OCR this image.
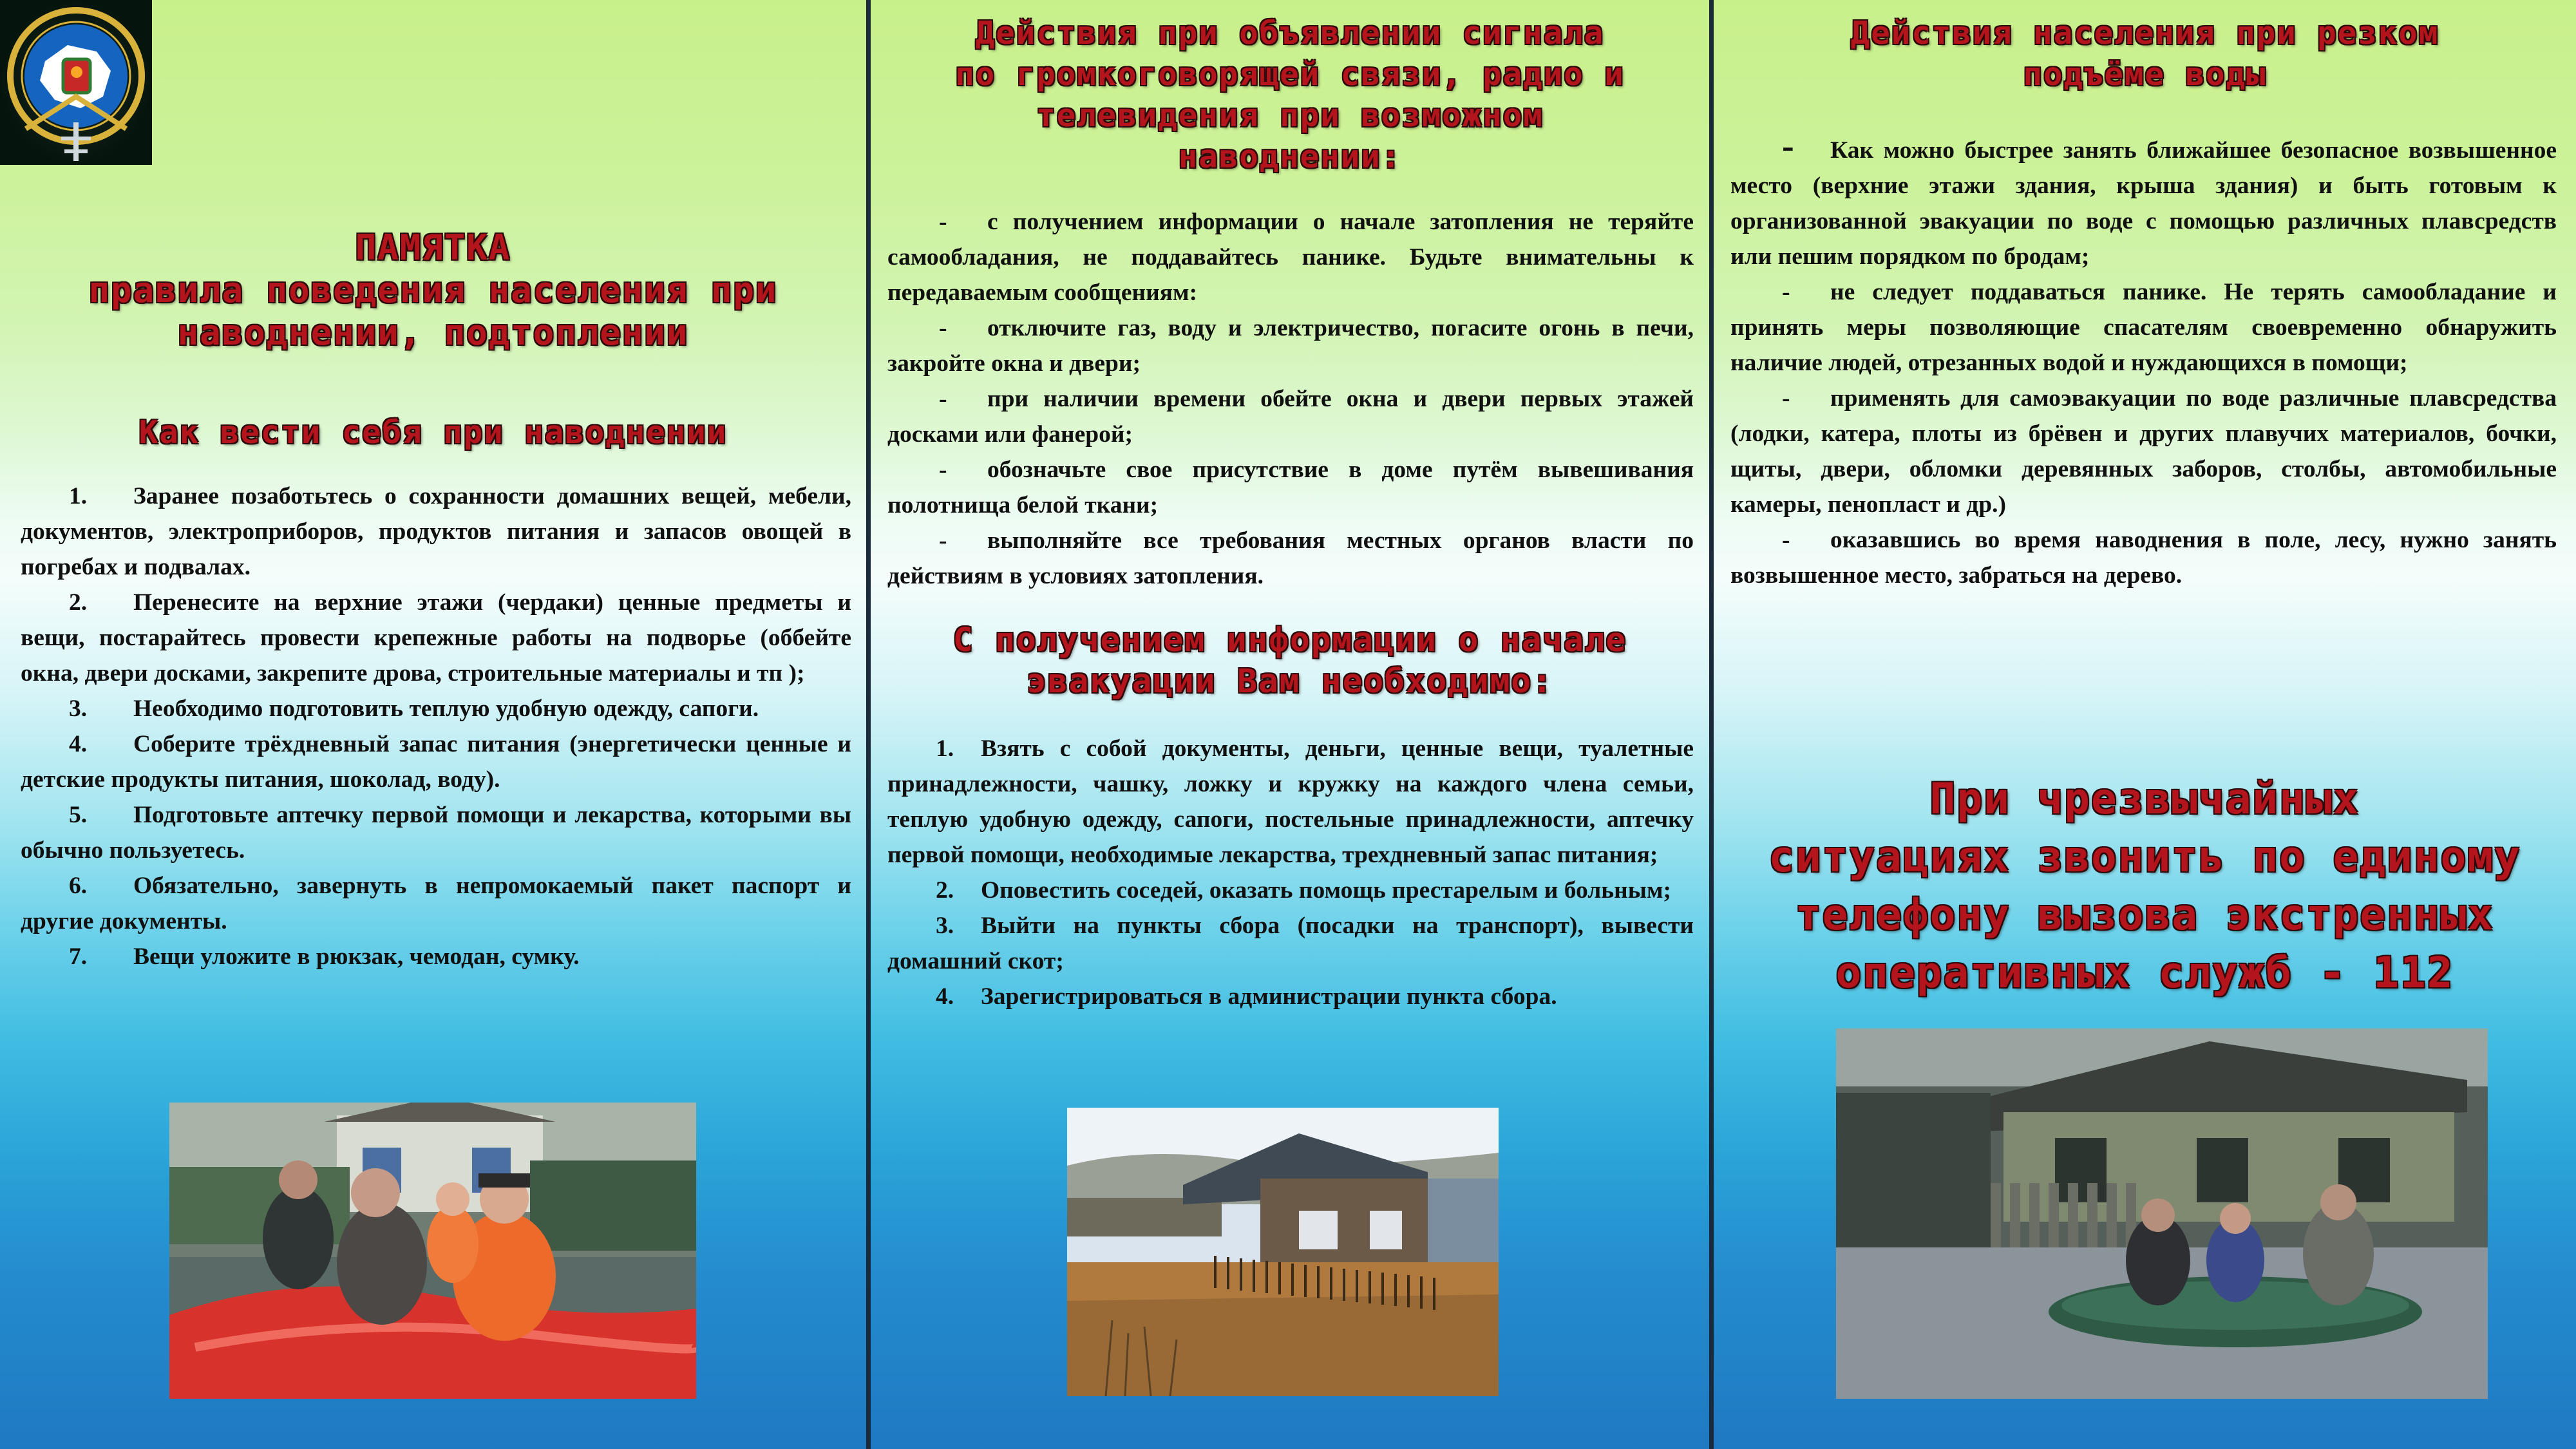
ПАМЯТКА
правила поведения населения при
наводнении, подтоплении
Как вести себя при наводнении

1. Заранее позаботьтесь о сохранности домашних вещей, мебели, документов, электроприборов, продуктов питания и запасов овощей в погребах и подвалах.

2. Перенесите на верхние этажи (чердаки) ценные предметы и вещи, постарайтесь провести крепежные работы на подворье (оббейте окна, двери досками, закрепите дрова, строительные материалы и тп );

3. Необходимо подготовить теплую удобную одежду, сапоги.

4. Соберите трёхдневный запас питания (энергетически ценные и детские продукты питания, шоколад, воду).

5. Подготовьте аптечку первой помощи и лекарства, которыми вы обычно пользуетесь.

6. Обязательно, завернуть в непромокаемый пакет паспорт и другие документы.

7. Вещи уложите в рюкзак, чемодан, сумку.

Действия при объявлении сигнала
по громкоговорящей связи, радио и
телевидения при возможном
наводнении:

- с получением информации о начале затопления не теряйте самообладания, не поддавайтесь панике. Будьте внимательны к передаваемым сообщениям:

- отключите газ, воду и электричество, погасите огонь в печи, закройте окна и двери;

- при наличии времени обейте окна и двери первых этажей досками или фанерой;

- обозначьте свое присутствие в доме путём вывешивания полотнища белой ткани;

- выполняйте все требования местных органов власти по действиям в условиях затопления.

С получением информации о начале
эвакуации Вам необходимо:

1. Взять с собой документы, деньги, ценные вещи, туалетные принадлежности, чашку, ложку и кружку на каждого члена семьи, теплую удобную одежду, сапоги, постельные принадлежности, аптечку первой помощи, необходимые лекарства, трехдневный запас питания;

2. Оповестить соседей, оказать помощь престарелым и больным;

3. Выйти на пункты сбора (посадки на транспорт), вывести домашний скот;

4. Зарегистрироваться в администрации пункта сбора.

Действия населения при резком
подъёме воды

- Как можно быстрее занять ближайшее безопасное возвышенное место (верхние этажи здания, крыша здания) и быть готовым к организованной эвакуации по воде с помощью различных плавсредств или пешим порядком по бродам;

- не следует поддаваться панике. Не терять самообладание и принять меры позволяющие спасателям своевременно обнаружить наличие людей, отрезанных водой и нуждающихся в помощи;

- применять для самоэвакуации по воде различные плавсредства (лодки, катера, плоты из брёвен и других плавучих материалов, бочки, щиты, двери, обломки деревянных заборов, столбы, автомобильные камеры, пенопласт и др.)

- оказавшись во время наводнения в поле, лесу, нужно занять возвышенное место, забраться на дерево.

При чрезвычайных
ситуациях звонить по единому
телефону вызова экстренных
оперативных служб - 112
